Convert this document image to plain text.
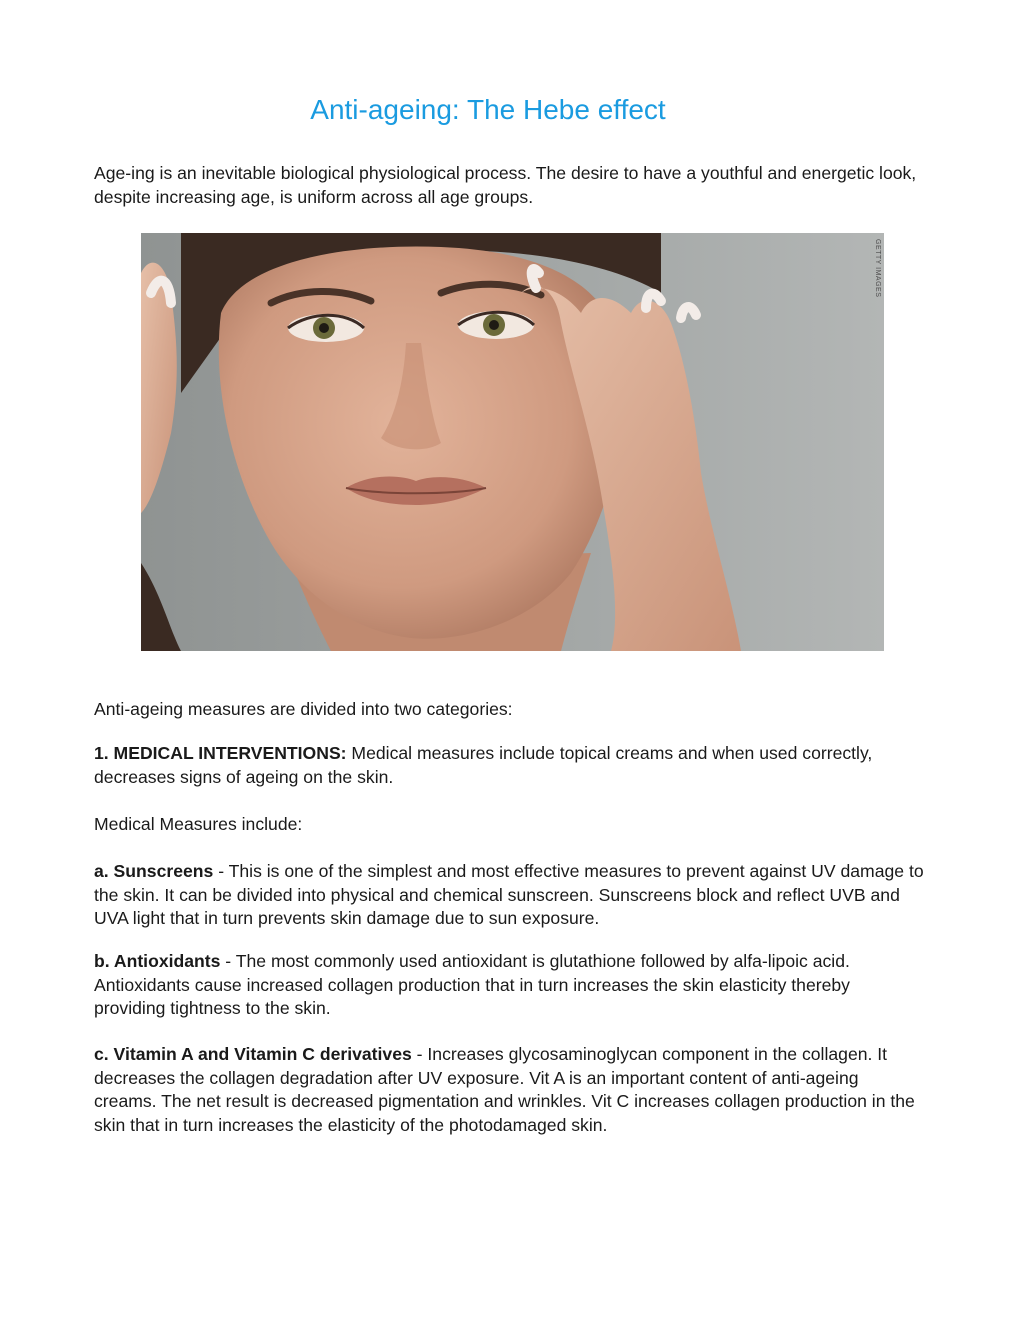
Anti-ageing: The Hebe effect

Age-ing is an inevitable biological physiological process. The desire to have a youthful and energetic look, despite increasing age, is uniform across all age groups.

GETTY IMAGES

Anti-ageing measures are divided into two categories:

1. MEDICAL INTERVENTIONS: Medical measures include topical creams and when used correctly, decreases signs of ageing on the skin.

Medical Measures include:

a. Sunscreens - This is one of the simplest and most effective measures to prevent against UV damage to the skin. It can be divided into physical and chemical sunscreen. Sunscreens block and reflect UVB and UVA light that in turn prevents skin damage due to sun exposure.

b. Antioxidants - The most commonly used antioxidant is glutathione followed by alfa-lipoic acid. Antioxidants cause increased collagen production that in turn increases the skin elasticity thereby providing tightness to the skin.

c. Vitamin A and Vitamin C derivatives - Increases glycosaminoglycan component in the collagen. It decreases the collagen degradation after UV exposure. Vit A is an important content of anti-ageing creams. The net result is decreased pigmentation and wrinkles. Vit C increases collagen production in the skin that in turn increases the elasticity of the photodamaged skin.
